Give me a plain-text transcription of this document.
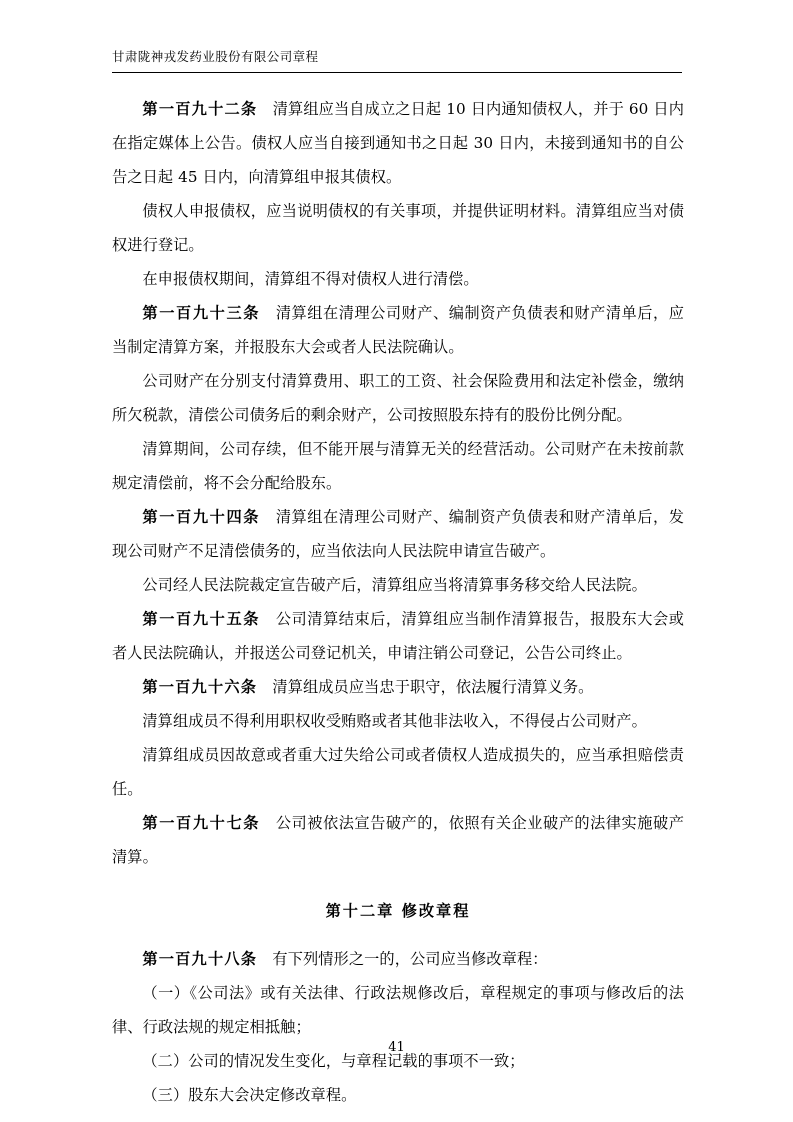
甘肃陇神戎发药业股份有限公司章程

第一百九十二条　 清算组应当自成立之日起 10 日内通知债权人，并于 60 日内在指定媒体上公告。债权人应当自接到通知书之日起 30 日内，未接到通知书的自公告之日起 45 日内，向清算组申报其债权。

债权人申报债权，应当说明债权的有关事项，并提供证明材料。清算组应当对债权进行登记。

在申报债权期间，清算组不得对债权人进行清偿。

第一百九十三条　 清算组在清理公司财产、编制资产负债表和财产清单后，应当制定清算方案，并报股东大会或者人民法院确认。

公司财产在分别支付清算费用、职工的工资、社会保险费用和法定补偿金，缴纳所欠税款，清偿公司债务后的剩余财产，公司按照股东持有的股份比例分配。

清算期间，公司存续，但不能开展与清算无关的经营活动。公司财产在未按前款规定清偿前，将不会分配给股东。

第一百九十四条　 清算组在清理公司财产、编制资产负债表和财产清单后，发现公司财产不足清偿债务的，应当依法向人民法院申请宣告破产。

公司经人民法院裁定宣告破产后，清算组应当将清算事务移交给人民法院。

第一百九十五条　 公司清算结束后，清算组应当制作清算报告，报股东大会或者人民法院确认，并报送公司登记机关，申请注销公司登记，公告公司终止。

第一百九十六条　 清算组成员应当忠于职守，依法履行清算义务。

清算组成员不得利用职权收受贿赂或者其他非法收入，不得侵占公司财产。

清算组成员因故意或者重大过失给公司或者债权人造成损失的，应当承担赔偿责任。

第一百九十七条　 公司被依法宣告破产的，依照有关企业破产的法律实施破产清算。

第十二章 修改章程

第一百九十八条　 有下列情形之一的，公司应当修改章程：

（一）《公司法》或有关法律、行政法规修改后，章程规定的事项与修改后的法律、行政法规的规定相抵触；

（二）公司的情况发生变化，与章程记载的事项不一致；

（三）股东大会决定修改章程。

41
